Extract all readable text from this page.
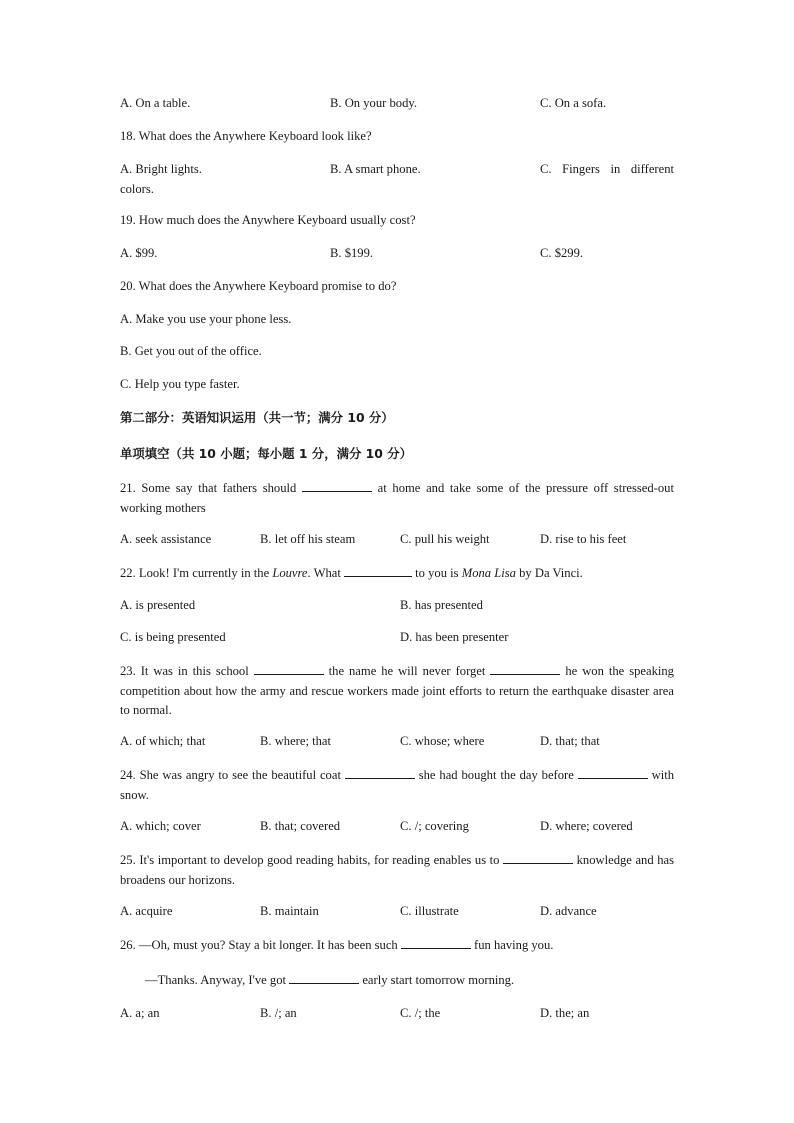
A. On a table.	B. On your body.	C. On a sofa.
18. What does the Anywhere Keyboard look like?
A. Bright lights.	B. A smart phone.	C. Fingers in different
colors.
19. How much does the Anywhere Keyboard usually cost?
A. $99.	B. $199.	C. $299.
20. What does the Anywhere Keyboard promise to do?
A. Make you use your phone less.
B. Get you out of the office.
C. Help you type faster.
第二部分：英语知识运用（共一节；满分 10 分）
单项填空（共 10 小题；每小题 1 分，满分 10 分）
21. Some say that fathers should	at home and take some of the pressure off stressed-out working mothers
A. seek assistance	B. let off his steam	C. pull his weight	D. rise to his feet
22. Look! I'm currently in the Louvre. What	to you is Mona Lisa by Da Vinci.
A. is presented	B. has presented
C. is being presented	D. has been presenter
23. It was in this school	the name he will never forget	he won the speaking competition about how the army and rescue workers made joint efforts to return the earthquake disaster area to normal.
A. of which; that	B. where; that	C. whose; where	D. that; that
24. She was angry to see the beautiful coat	she had bought the day before	with snow.
A. which; cover	B. that; covered	C. /; covering	D. where; covered
25. It's important to develop good reading habits, for reading enables us to	knowledge and has broadens our horizons.
A. acquire	B. maintain	C. illustrate	D. advance
26. —Oh, must you? Stay a bit longer. It has been such	fun having you.
—Thanks. Anyway, I've got	early start tomorrow morning.
A. a; an	B. /; an	C. /; the	D. the; an
